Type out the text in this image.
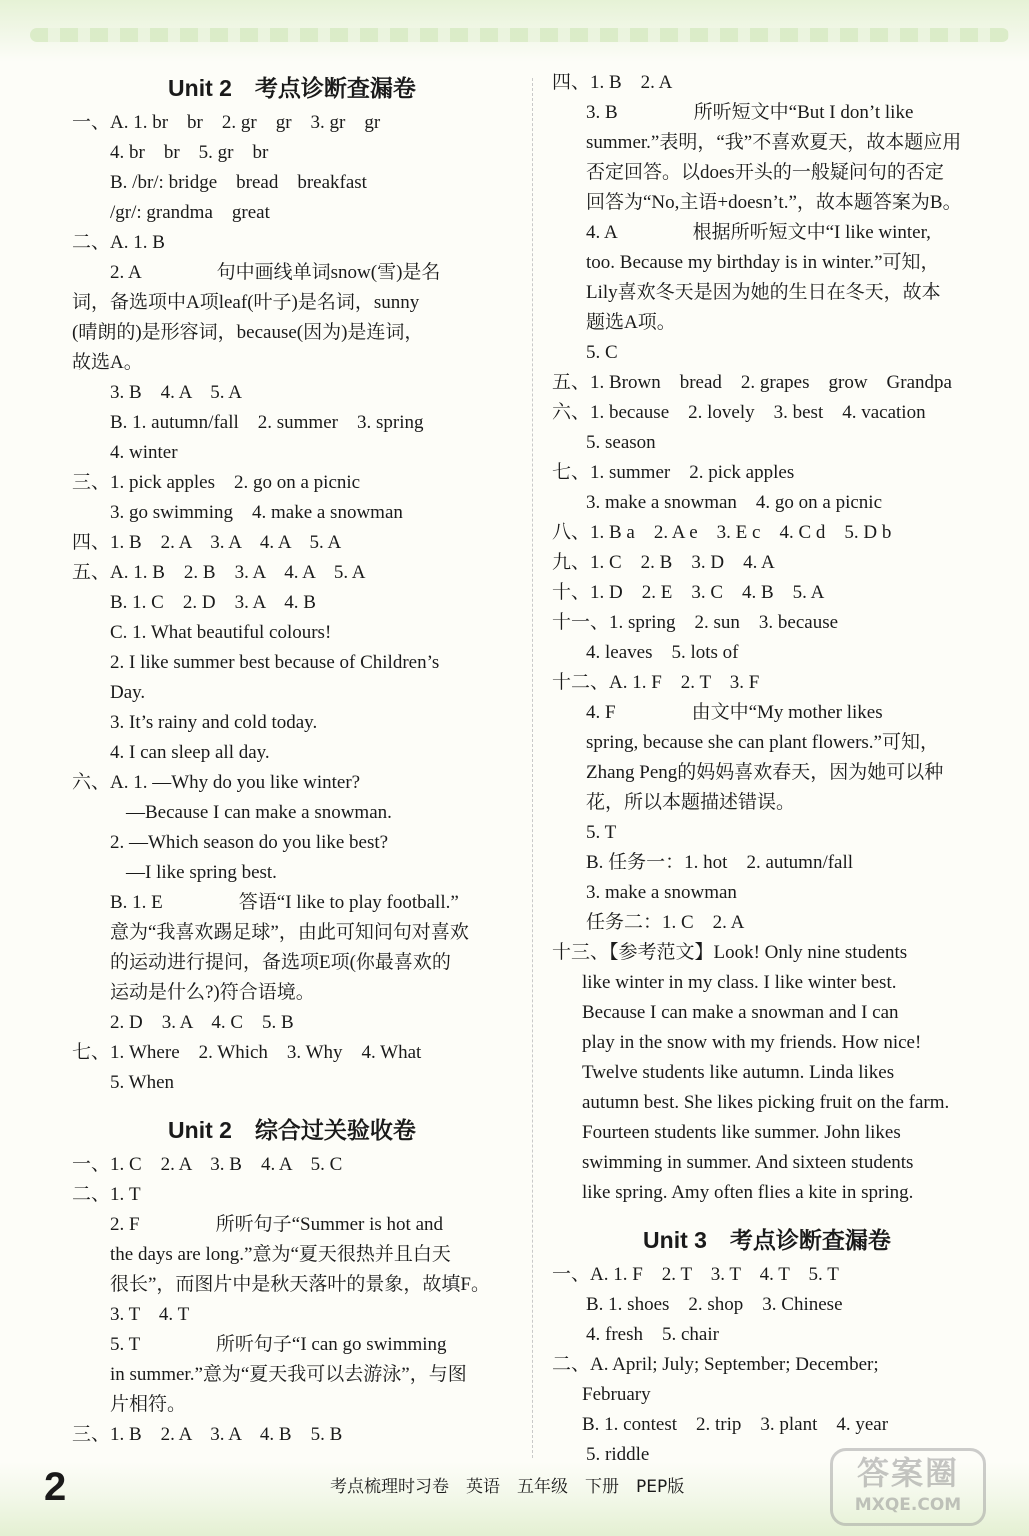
Unit 2　考点诊断查漏卷
一、A. 1. br　br　2. gr　gr　3. gr　gr
4. br　br　5. gr　br
B. /br/: bridge　bread　breakfast
/gr/: grandma　great
二、A. 1. B
2. A　　　　句中画线单词snow(雪)是名
词，备选项中A项leaf(叶子)是名词，sunny
(晴朗的)是形容词，because(因为)是连词，
故选A。
3. B　4. A　5. A
B. 1. autumn/fall　2. summer　3. spring
4. winter
三、1. pick apples　2. go on a picnic
3. go swimming　4. make a snowman
四、1. B　2. A　3. A　4. A　5. A
五、A. 1. B　2. B　3. A　4. A　5. A
B. 1. C　2. D　3. A　4. B
C. 1. What beautiful colours!
2. I like summer best because of Children’s
Day.
3. It’s rainy and cold today.
4. I can sleep all day.
六、A. 1. —Why do you like winter?
—Because I can make a snowman.
2. —Which season do you like best?
—I like spring best.
B. 1. E　　　　答语“I like to play football.”
意为“我喜欢踢足球”，由此可知问句对喜欢
的运动进行提问，备选项E项(你最喜欢的
运动是什么?)符合语境。
2. D　3. A　4. C　5. B
七、1. Where　2. Which　3. Why　4. What
5. When
Unit 2　综合过关验收卷
一、1. C　2. A　3. B　4. A　5. C
二、1. T
2. F　　　　所听句子“Summer is hot and
the days are long.”意为“夏天很热并且白天
很长”，而图片中是秋天落叶的景象，故填F。
3. T　4. T
5. T　　　　所听句子“I can go swimming
in summer.”意为“夏天我可以去游泳”，与图
片相符。
三、1. B　2. A　3. A　4. B　5. B
四、1. B　2. A
3. B　　　　所听短文中“But I don’t like
summer.”表明，“我”不喜欢夏天，故本题应用
否定回答。以does开头的一般疑问句的否定
回答为“No,主语+doesn’t.”，故本题答案为B。
4. A　　　　根据所听短文中“I like winter,
too. Because my birthday is in winter.”可知，
Lily喜欢冬天是因为她的生日在冬天，故本
题选A项。
5. C
五、1. Brown　bread　2. grapes　grow　Grandpa
六、1. because　2. lovely　3. best　4. vacation
5. season
七、1. summer　2. pick apples
3. make a snowman　4. go on a picnic
八、1. B a　2. A e　3. E c　4. C d　5. D b
九、1. C　2. B　3. D　4. A
十、1. D　2. E　3. C　4. B　5. A
十一、1. spring　2. sun　3. because
4. leaves　5. lots of
十二、A. 1. F　2. T　3. F
4. F　　　　由文中“My mother likes
spring, because she can plant flowers.”可知，
Zhang Peng的妈妈喜欢春天，因为她可以种
花，所以本题描述错误。
5. T
B. 任务一：1. hot　2. autumn/fall
3. make a snowman
任务二：1. C　2. A
十三、【参考范文】Look! Only nine students
like winter in my class. I like winter best.
Because I can make a snowman and I can
play in the snow with my friends. How nice!
Twelve students like autumn. Linda likes
autumn best. She likes picking fruit on the farm.
Fourteen students like summer. John likes
swimming in summer. And sixteen students
like spring. Amy often flies a kite in spring.
Unit 3　考点诊断查漏卷
一、A. 1. F　2. T　3. T　4. T　5. T
B. 1. shoes　2. shop　3. Chinese
4. fresh　5. chair
二、A. April; July; September; December;
February
B. 1. contest　2. trip　3. plant　4. year
5. riddle
2	考点梳理时习卷　英语　五年级　下册　PEP版	答案圈
MXQE.COM
